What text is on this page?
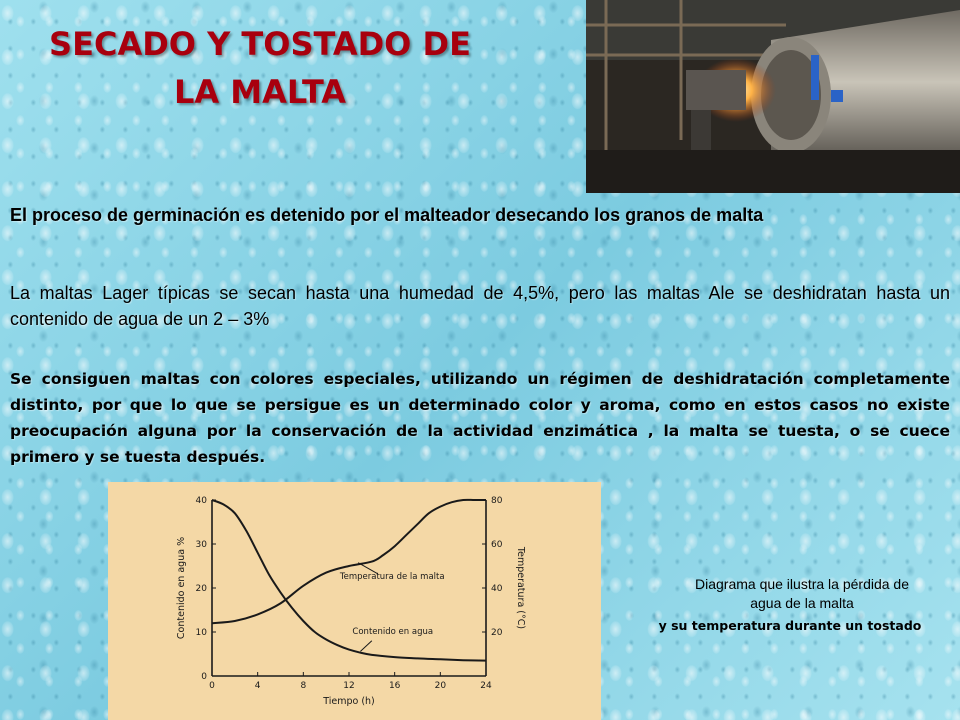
SECADO Y TOSTADO DE
LA MALTA

El proceso de germinación es detenido por el malteador desecando los granos de malta

La maltas Lager típicas se secan hasta una humedad de 4,5%, pero las maltas Ale se deshidratan hasta un contenido de agua de un 2 – 3%

Se consiguen maltas con colores especiales, utilizando un régimen de deshidratación completamente distinto, por que lo que se persigue es un determinado color y aroma, como en estos casos no existe preocupación alguna por la conservación de la actividad enzimática , la malta se tuesta, o se cuece primero y se tuesta después.

0	4	8	12	16	20	24
0
10
20
30
40
20
40
60
80
Temperatura de la malta
Contenido en agua
Tiempo (h)
Contenido en agua %	Temperatura (°C)	Diagrama que ilustra la pérdida de

agua de la malta

y su temperatura durante un tostado
